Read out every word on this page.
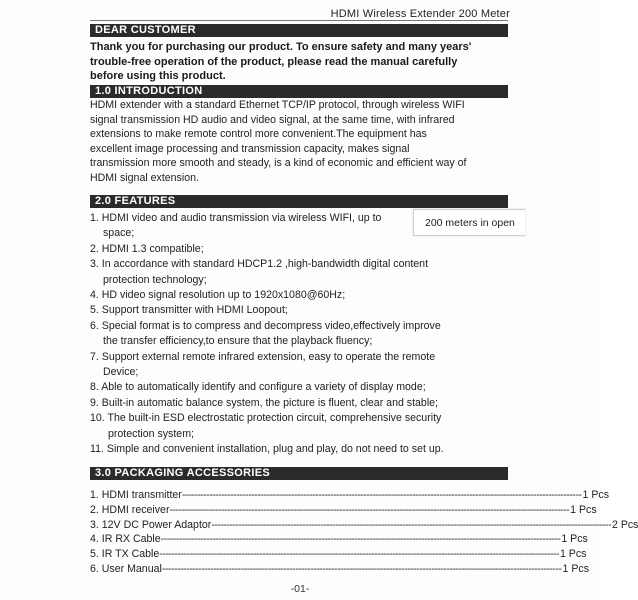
HDMI Wireless Extender 200 Meter
DEAR CUSTOMER
Thank you for purchasing our product. To ensure safety and many years'
trouble-free operation of the product, please read the manual carefully
before using this product.
1.0 INTRODUCTION
HDMI extender with a standard Ethernet TCP/IP protocol, through wireless WIFI
signal transmission HD audio and video signal, at the same time, with infrared
extensions to make remote control more convenient.The equipment has
excellent image processing and transmission capacity, makes signal
transmission more smooth and steady, is a kind of economic and efficient way of
HDMI signal extension.
2.0 FEATURES
1. HDMI video and audio transmission via wireless WIFI, up to
space;
2. HDMI 1.3 compatible;
3. In accordance with standard HDCP1.2 ,high-bandwidth digital content
protection technology;
4. HD video signal resolution up to 1920x1080@60Hz;
5. Support transmitter with HDMI Loopout;
6. Special format is to compress and decompress video,effectively improve
the transfer efficiency,to ensure that the playback fluency;
7. Support external remote infrared extension, easy to operate the remote
Device;
8. Able to automatically identify and configure a variety of display mode;
9. Built-in automatic balance system, the picture is fluent, clear and stable;
10. The built-in ESD electrostatic protection circuit, comprehensive security
protection system;
11. Simple and convenient installation, plug and play, do not need to set up.
200 meters in open
3.0 PACKAGING ACCESSORIES
1. HDMI transmitter ------------------------------------------------------------------------------------------------------------------------------------ 1 Pcs
2. HDMI receiver ------------------------------------------------------------------------------------------------------------------------------------ 1 Pcs
3. 12V DC Power Adaptor ------------------------------------------------------------------------------------------------------------------------------------ 2 Pcs
4. IR RX Cable ------------------------------------------------------------------------------------------------------------------------------------ 1 Pcs
5. IR TX Cable ------------------------------------------------------------------------------------------------------------------------------------ 1 Pcs
6. User Manual ------------------------------------------------------------------------------------------------------------------------------------ 1 Pcs
-01-
